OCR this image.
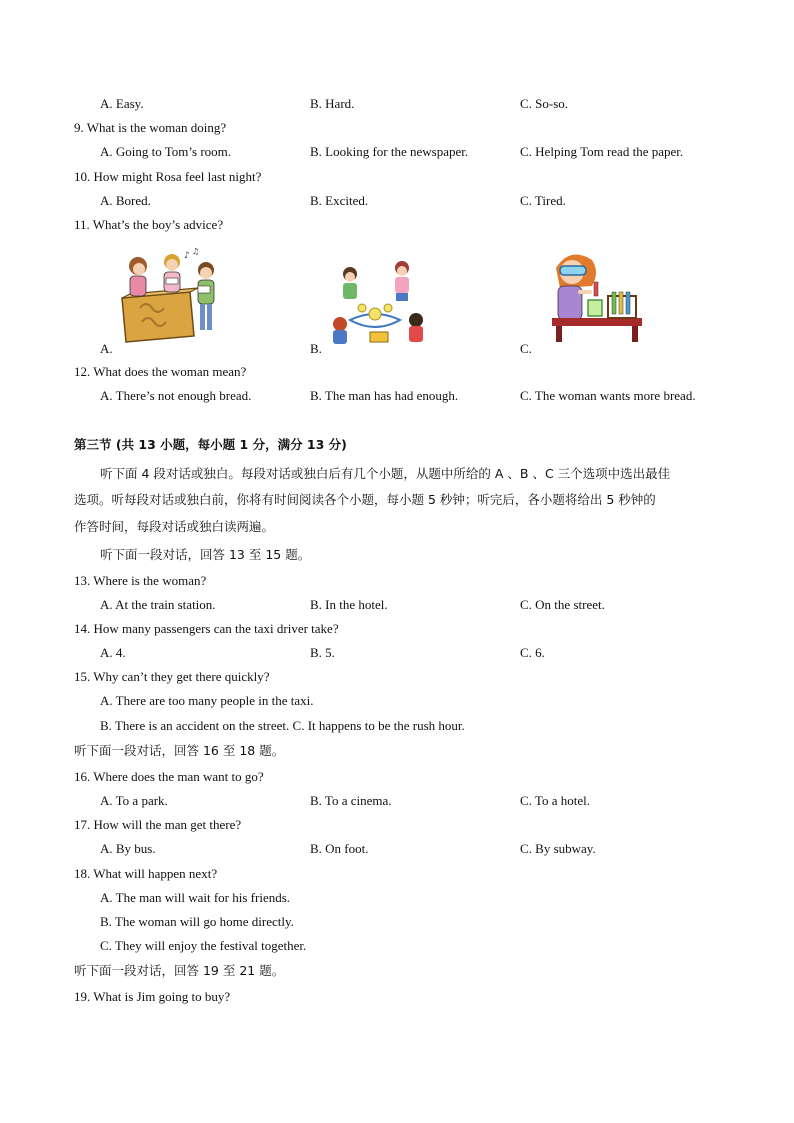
A. Easy.	B. Hard.	C. So-so.
9. What is the woman doing?
A. Going to Tom’s room.	B. Looking for the newspaper.	C. Helping Tom read the paper.
10. How might Rosa feel last night?
A. Bored.	B. Excited.	C. Tired.
11. What’s the boy’s advice?
♪ ♫
A.	B.	C.
12. What does the woman mean?
A. There’s not enough bread.	B. The man has had enough.	C. The woman wants more bread.
第三节 (共 13 小题，每小题 1 分，满分 13 分)
听下面 4 段对话或独白。每段对话或独白后有几个小题，从题中所给的 A 、B 、C 三个选项中选出最佳
选项。听每段对话或独白前，你将有时间阅读各个小题，每小题 5 秒钟；听完后，各小题将给出 5 秒钟的
作答时间，每段对话或独白读两遍。
听下面一段对话，回答 13 至 15 题。
13. Where is the woman?
A. At the train station.	B. In the hotel.	C. On the street.
14. How many passengers can the taxi driver take?
A. 4.	B. 5.	C. 6.
15. Why can’t they get there quickly?
A. There are too many people in the taxi.
B. There is an accident on the street. C. It happens to be the rush hour.
听下面一段对话，回答 16 至 18 题。
16. Where does the man want to go?
A. To a park.	B. To a cinema.	C. To a hotel.
17. How will the man get there?
A. By bus.	B. On foot.	C. By subway.
18. What will happen next?
A. The man will wait for his friends.
B. The woman will go home directly.
C. They will enjoy the festival together.
听下面一段对话，回答 19 至 21 题。
19. What is Jim going to buy?
